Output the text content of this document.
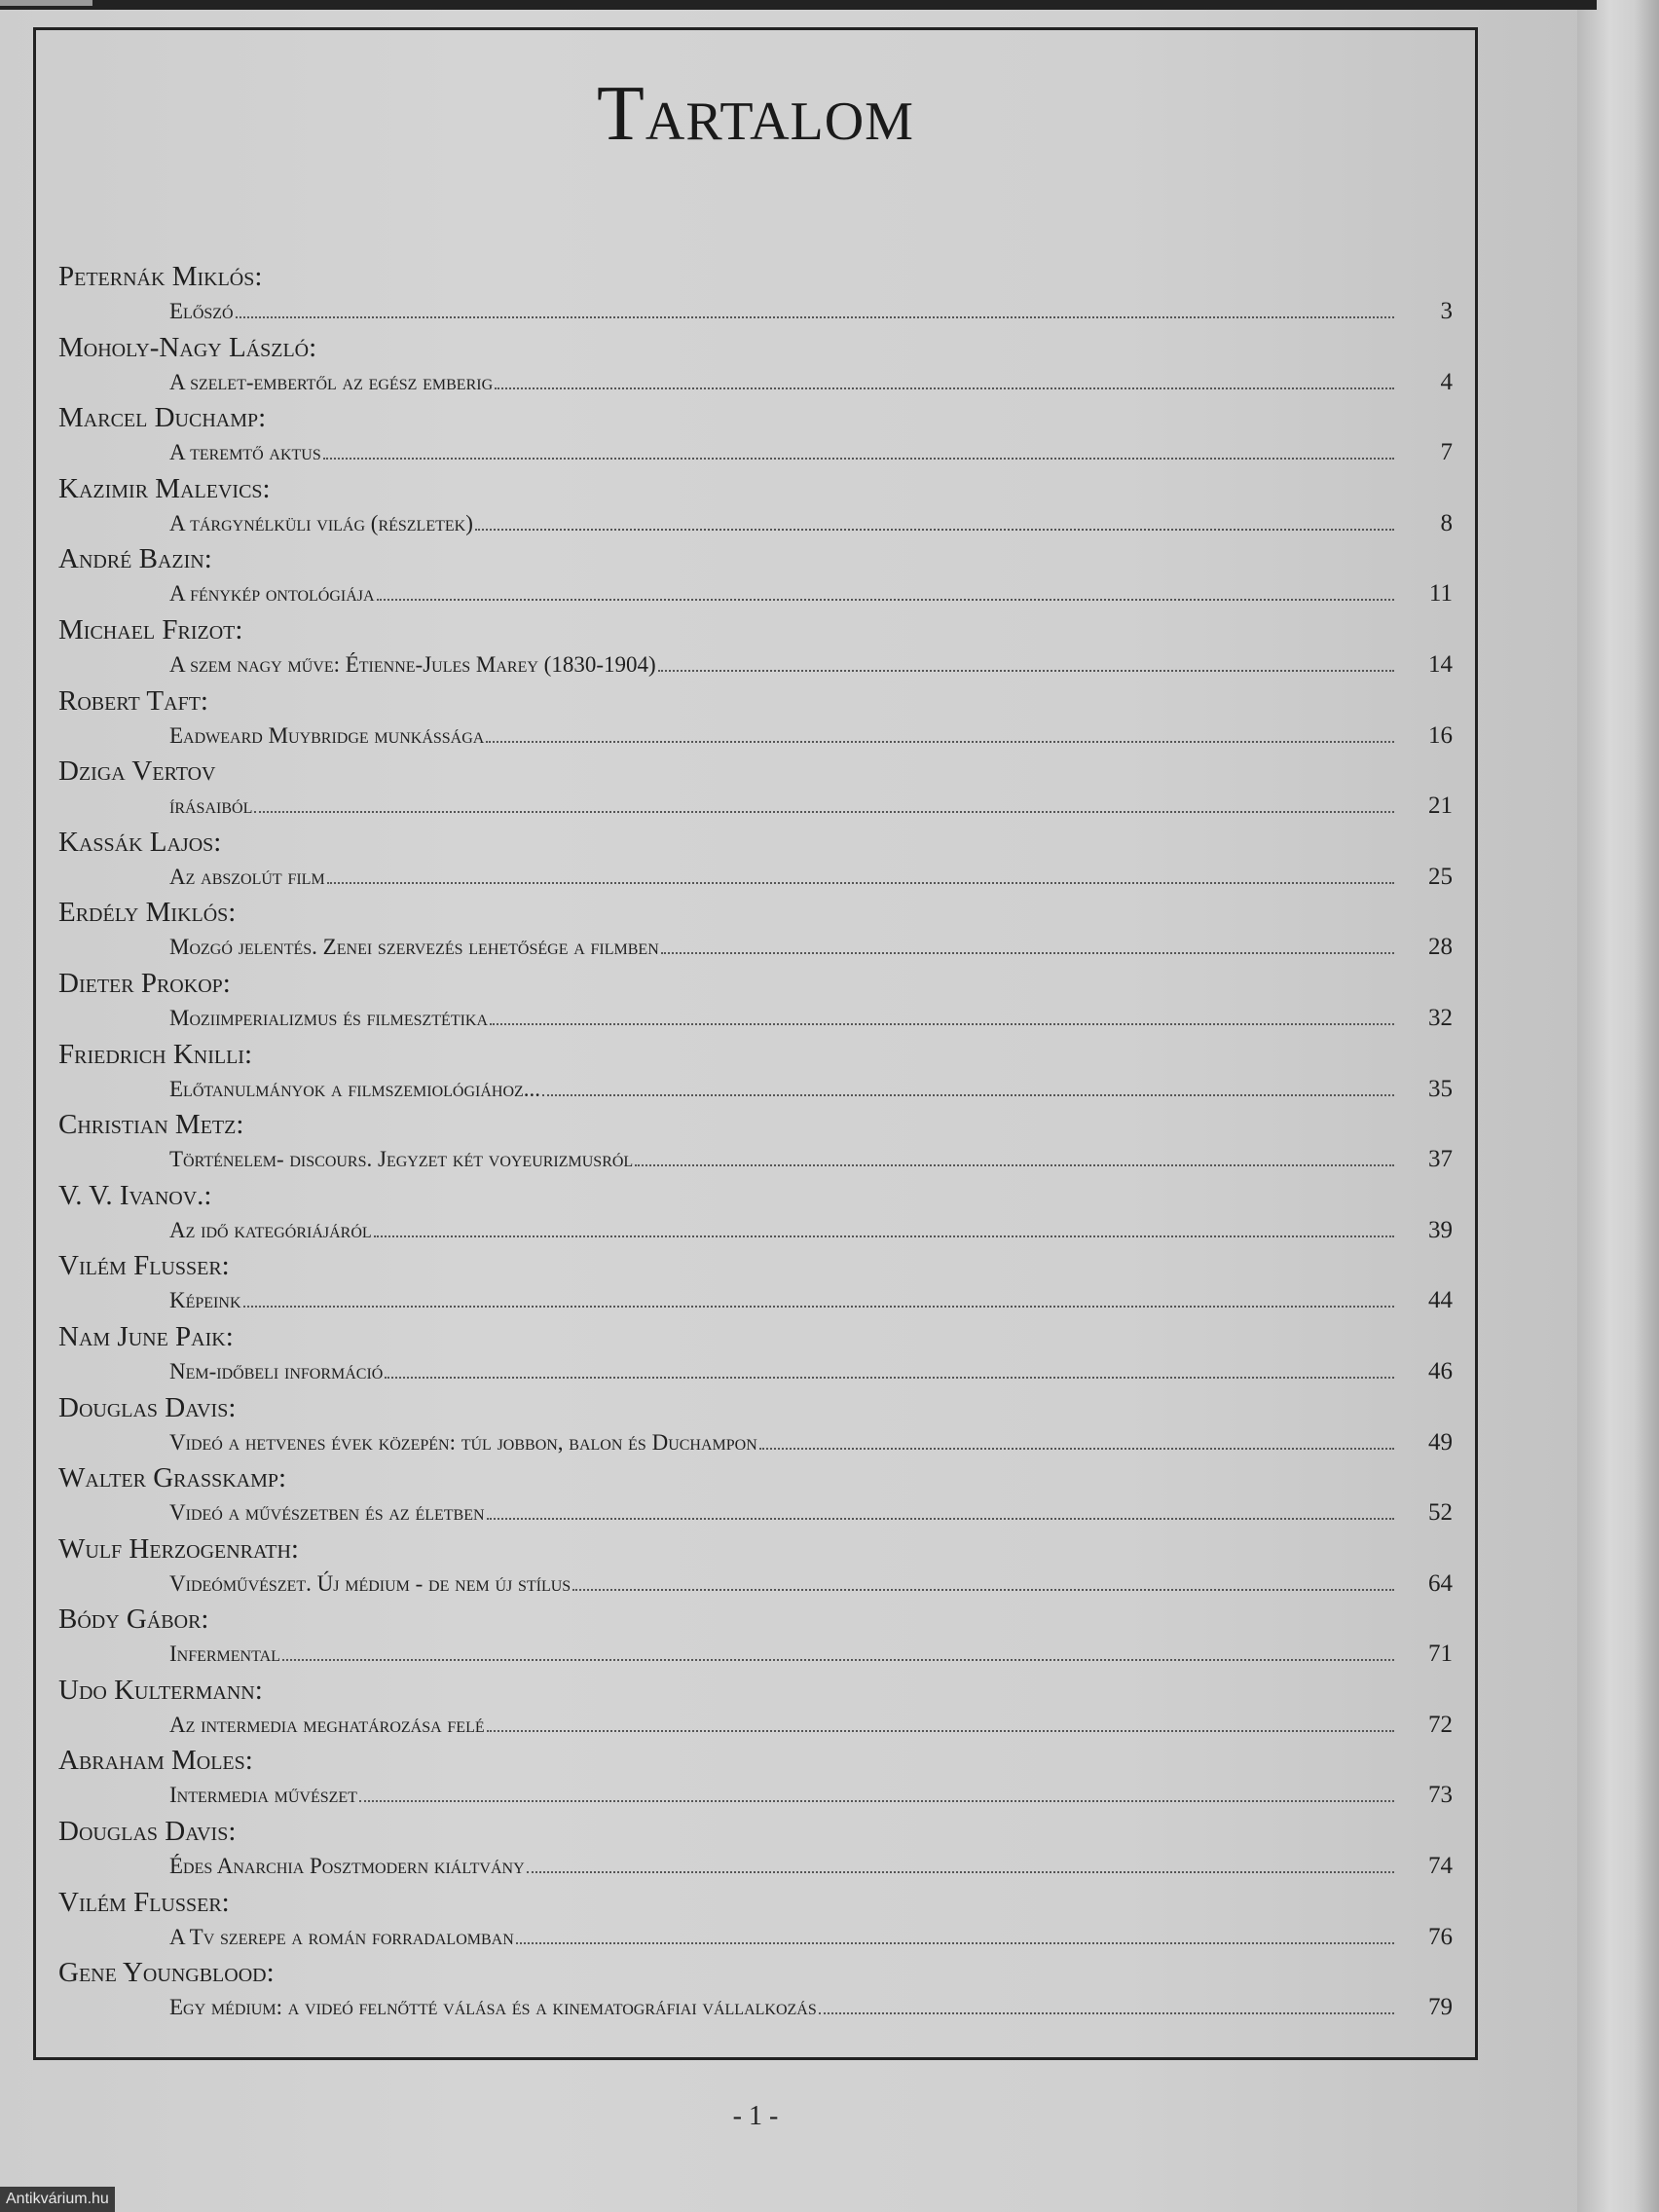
Tartalom
Peternák Miklós:
Előszó	3
Moholy-Nagy László:
A szelet-embertől az egész emberig	4
Marcel Duchamp:
A teremtő aktus	7
Kazimir Malevics:
A tárgynélküli világ (részletek)	8
André Bazin:
A fénykép ontológiája	11
Michael Frizot:
A szem nagy műve: Étienne-Jules Marey (1830-1904)	14
Robert Taft:
Eadweard Muybridge munkássága	16
Dziga Vertov
írásaiból	21
Kassák Lajos:
Az abszolút film	25
Erdély Miklós:
Mozgó jelentés. Zenei szervezés lehetősége a filmben	28
Dieter Prokop:
Moziimperializmus és filmesztétika	32
Friedrich Knilli:
Előtanulmányok a filmszemiológiához...	35
Christian Metz:
Történelem- discours. Jegyzet két voyeurizmusról	37
V. V. Ivanov.:
Az idő kategóriájáról	39
Vilém Flusser:
Képeink	44
Nam June Paik:
Nem-időbeli információ	46
Douglas Davis:
Videó a hetvenes évek közepén: túl jobbon, balon és Duchampon	49
Walter Grasskamp:
Videó a művészetben és az életben	52
Wulf Herzogenrath:
Videóművészet. Új médium - de nem új stílus	64
Bódy Gábor:
Infermental	71
Udo Kultermann:
Az intermedia meghatározása felé	72
Abraham Moles:
Intermedia művészet	73
Douglas Davis:
Édes Anarchia Posztmodern kiáltvány	74
Vilém Flusser:
A Tv szerepe a román forradalomban	76
Gene Youngblood:
Egy médium: a videó felnőtté válása és a kinematográfiai vállalkozás	79
- 1 -
Antikvárium.hu
